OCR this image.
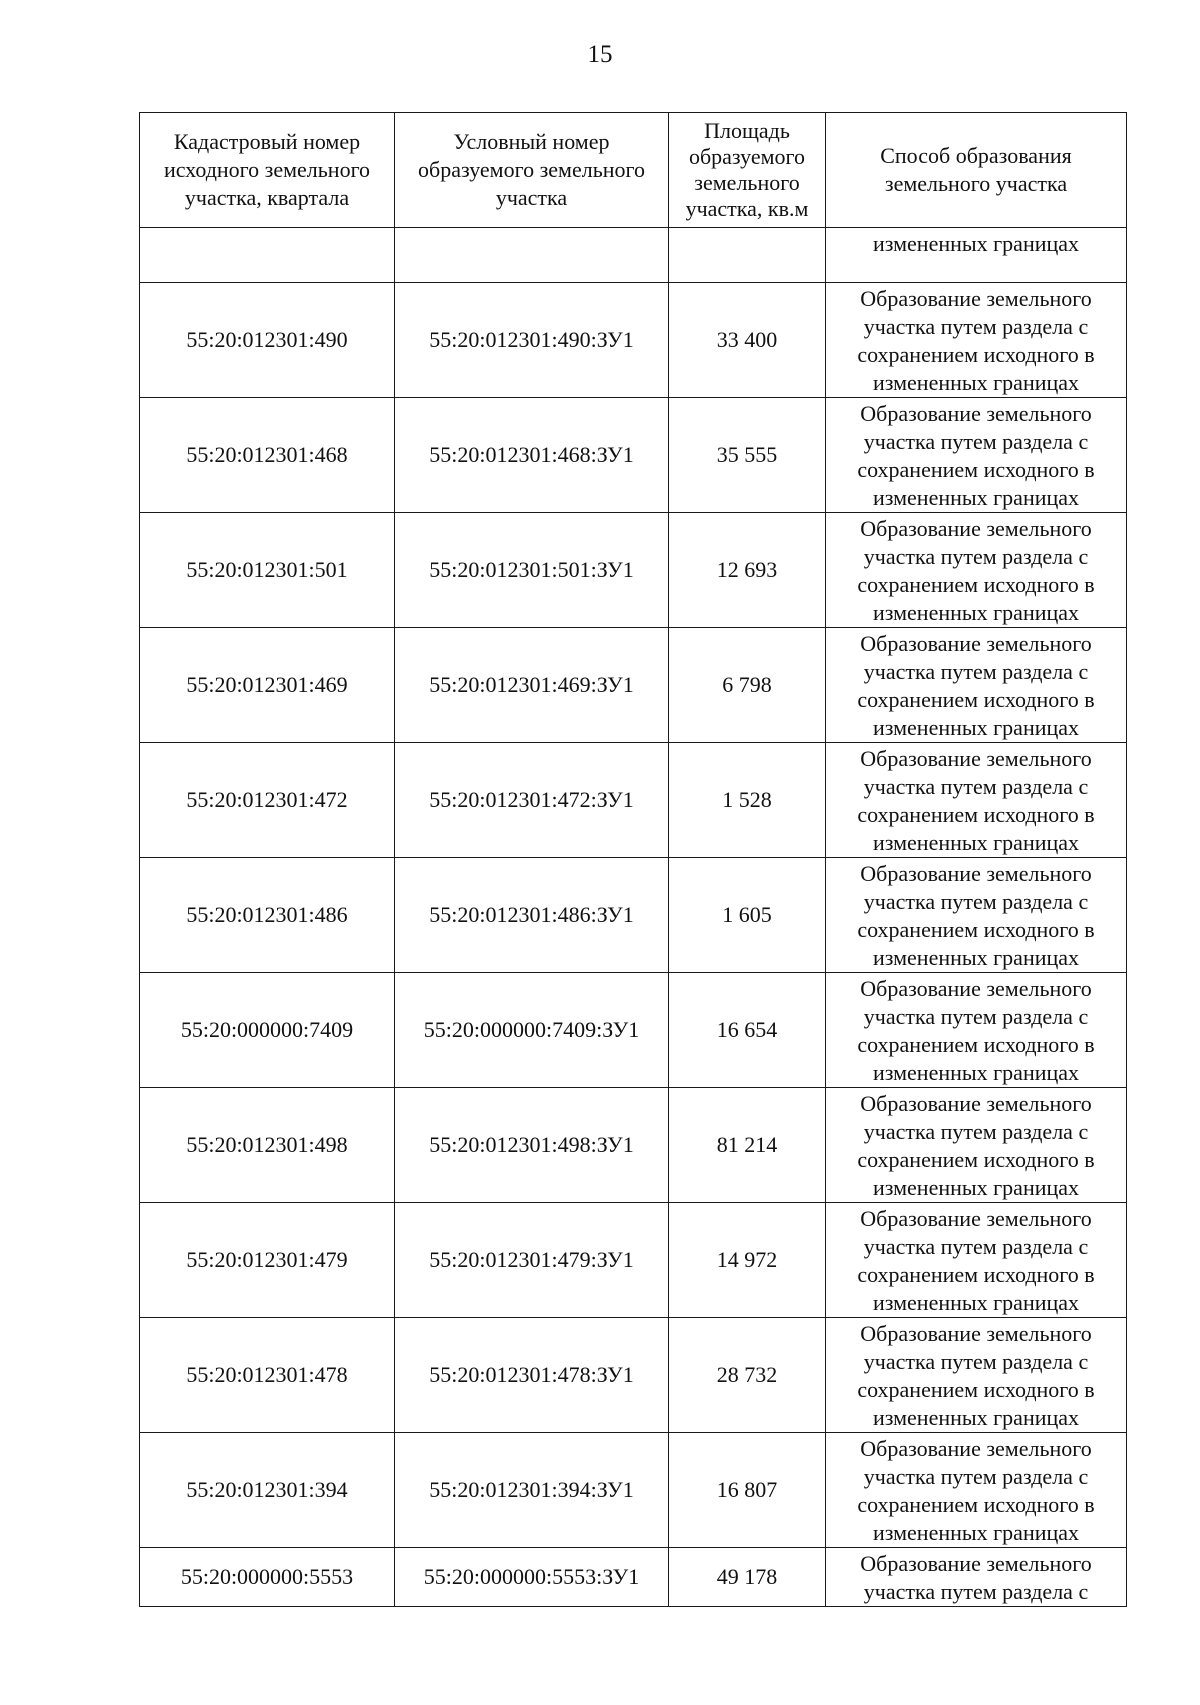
15
Кадастровый номер исходного земельного участка, квартала	Условный номер образуемого земельного участка	Площадь образуемого земельного участка, кв.м	Способ образования земельного участка

			измененных границах

55:20:012301:490	55:20:012301:490:ЗУ1	33 400	Образование земельного участка путем раздела с сохранением исходного в измененных границах

55:20:012301:468	55:20:012301:468:ЗУ1	35 555	Образование земельного участка путем раздела с сохранением исходного в измененных границах

55:20:012301:501	55:20:012301:501:ЗУ1	12 693	Образование земельного участка путем раздела с сохранением исходного в измененных границах

55:20:012301:469	55:20:012301:469:ЗУ1	6 798	Образование земельного участка путем раздела с сохранением исходного в измененных границах

55:20:012301:472	55:20:012301:472:ЗУ1	1 528	Образование земельного участка путем раздела с сохранением исходного в измененных границах

55:20:012301:486	55:20:012301:486:ЗУ1	1 605	Образование земельного участка путем раздела с сохранением исходного в измененных границах

55:20:000000:7409	55:20:000000:7409:ЗУ1	16 654	Образование земельного участка путем раздела с сохранением исходного в измененных границах

55:20:012301:498	55:20:012301:498:ЗУ1	81 214	Образование земельного участка путем раздела с сохранением исходного в измененных границах

55:20:012301:479	55:20:012301:479:ЗУ1	14 972	Образование земельного участка путем раздела с сохранением исходного в измененных границах

55:20:012301:478	55:20:012301:478:ЗУ1	28 732	Образование земельного участка путем раздела с сохранением исходного в измененных границах

55:20:012301:394	55:20:012301:394:ЗУ1	16 807	Образование земельного участка путем раздела с сохранением исходного в измененных границах

55:20:000000:5553	55:20:000000:5553:ЗУ1	49 178	Образование земельного участка путем раздела с
